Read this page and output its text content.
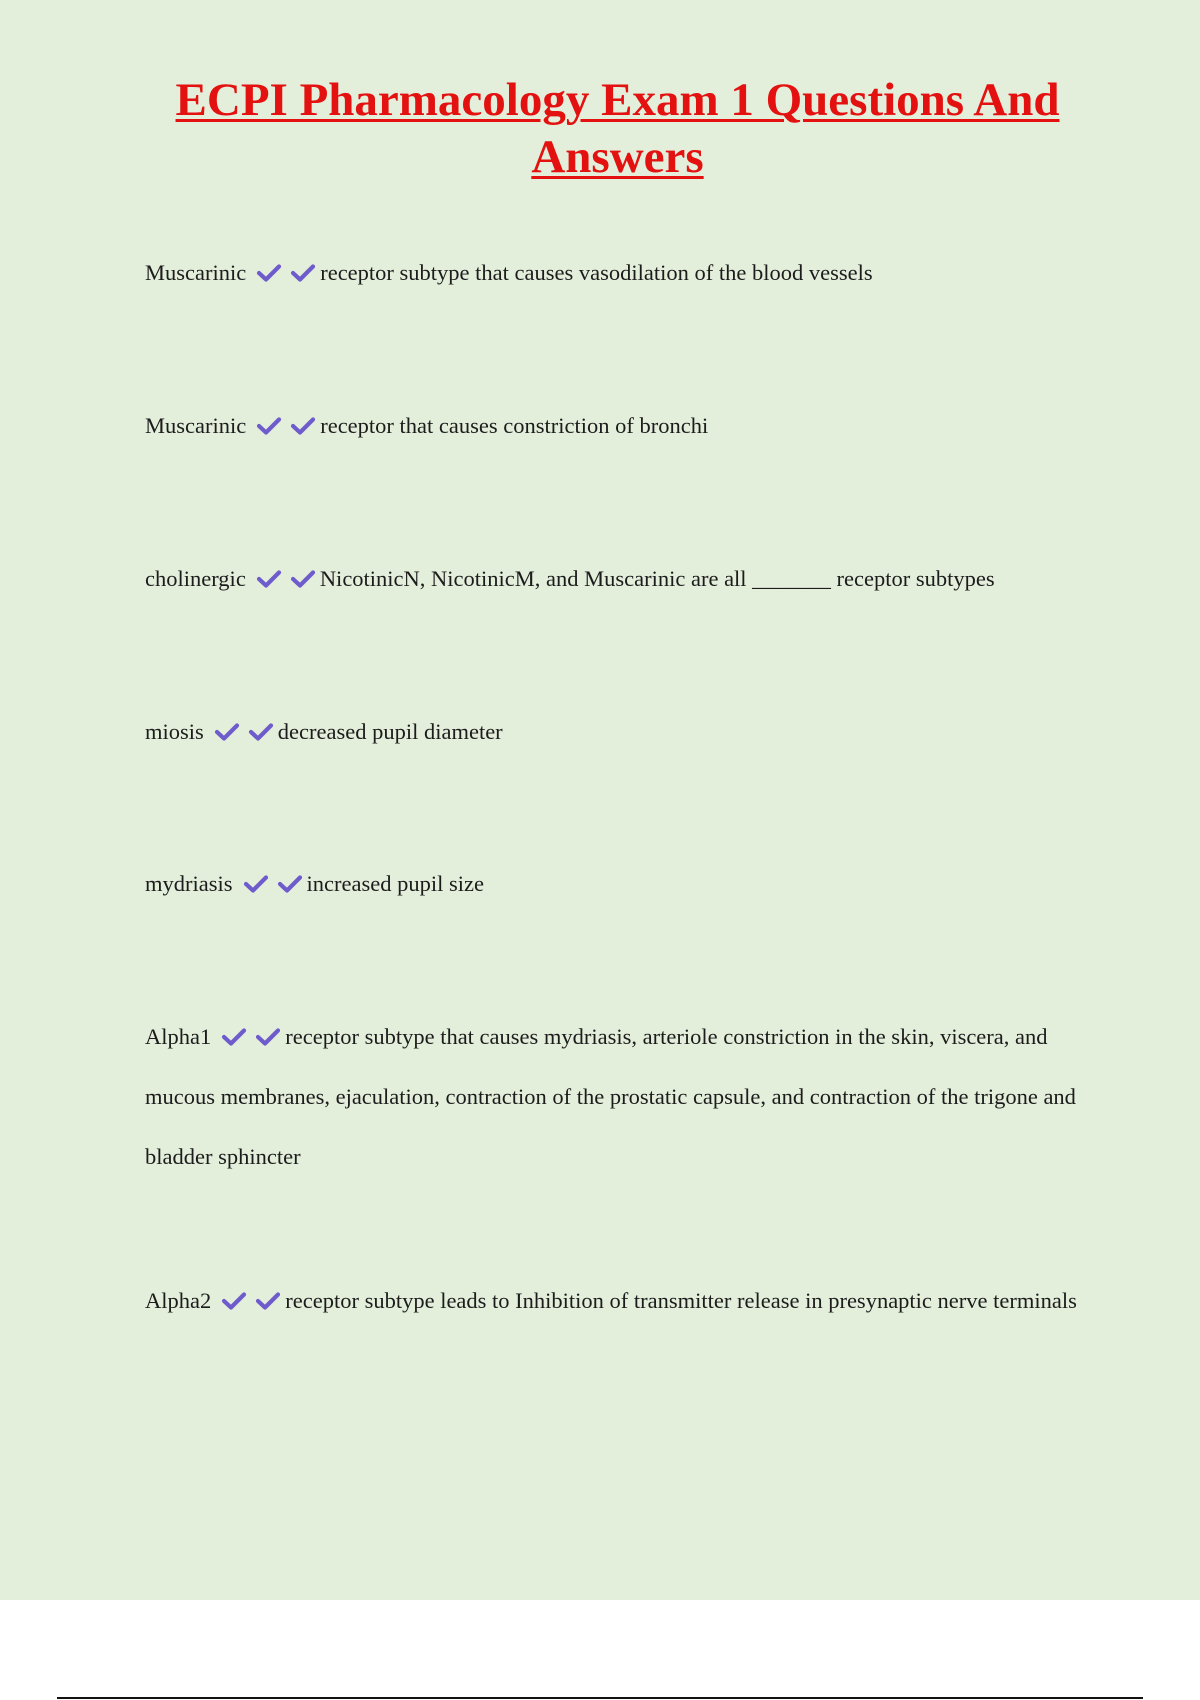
ECPI Pharmacology Exam 1 Questions And Answers

Muscarinic	receptor subtype that causes vasodilation of the blood vessels

Muscarinic	receptor that causes constriction of bronchi

cholinergic	NicotinicN, NicotinicM, and Muscarinic are all _______ receptor subtypes

miosis	decreased pupil diameter

mydriasis	increased pupil size

Alpha1	receptor subtype that causes mydriasis, arteriole constriction in the skin, viscera, and mucous membranes, ejaculation, contraction of the prostatic capsule, and contraction of the trigone and bladder sphincter

Alpha2	receptor subtype leads to Inhibition of transmitter release in presynaptic nerve terminals
